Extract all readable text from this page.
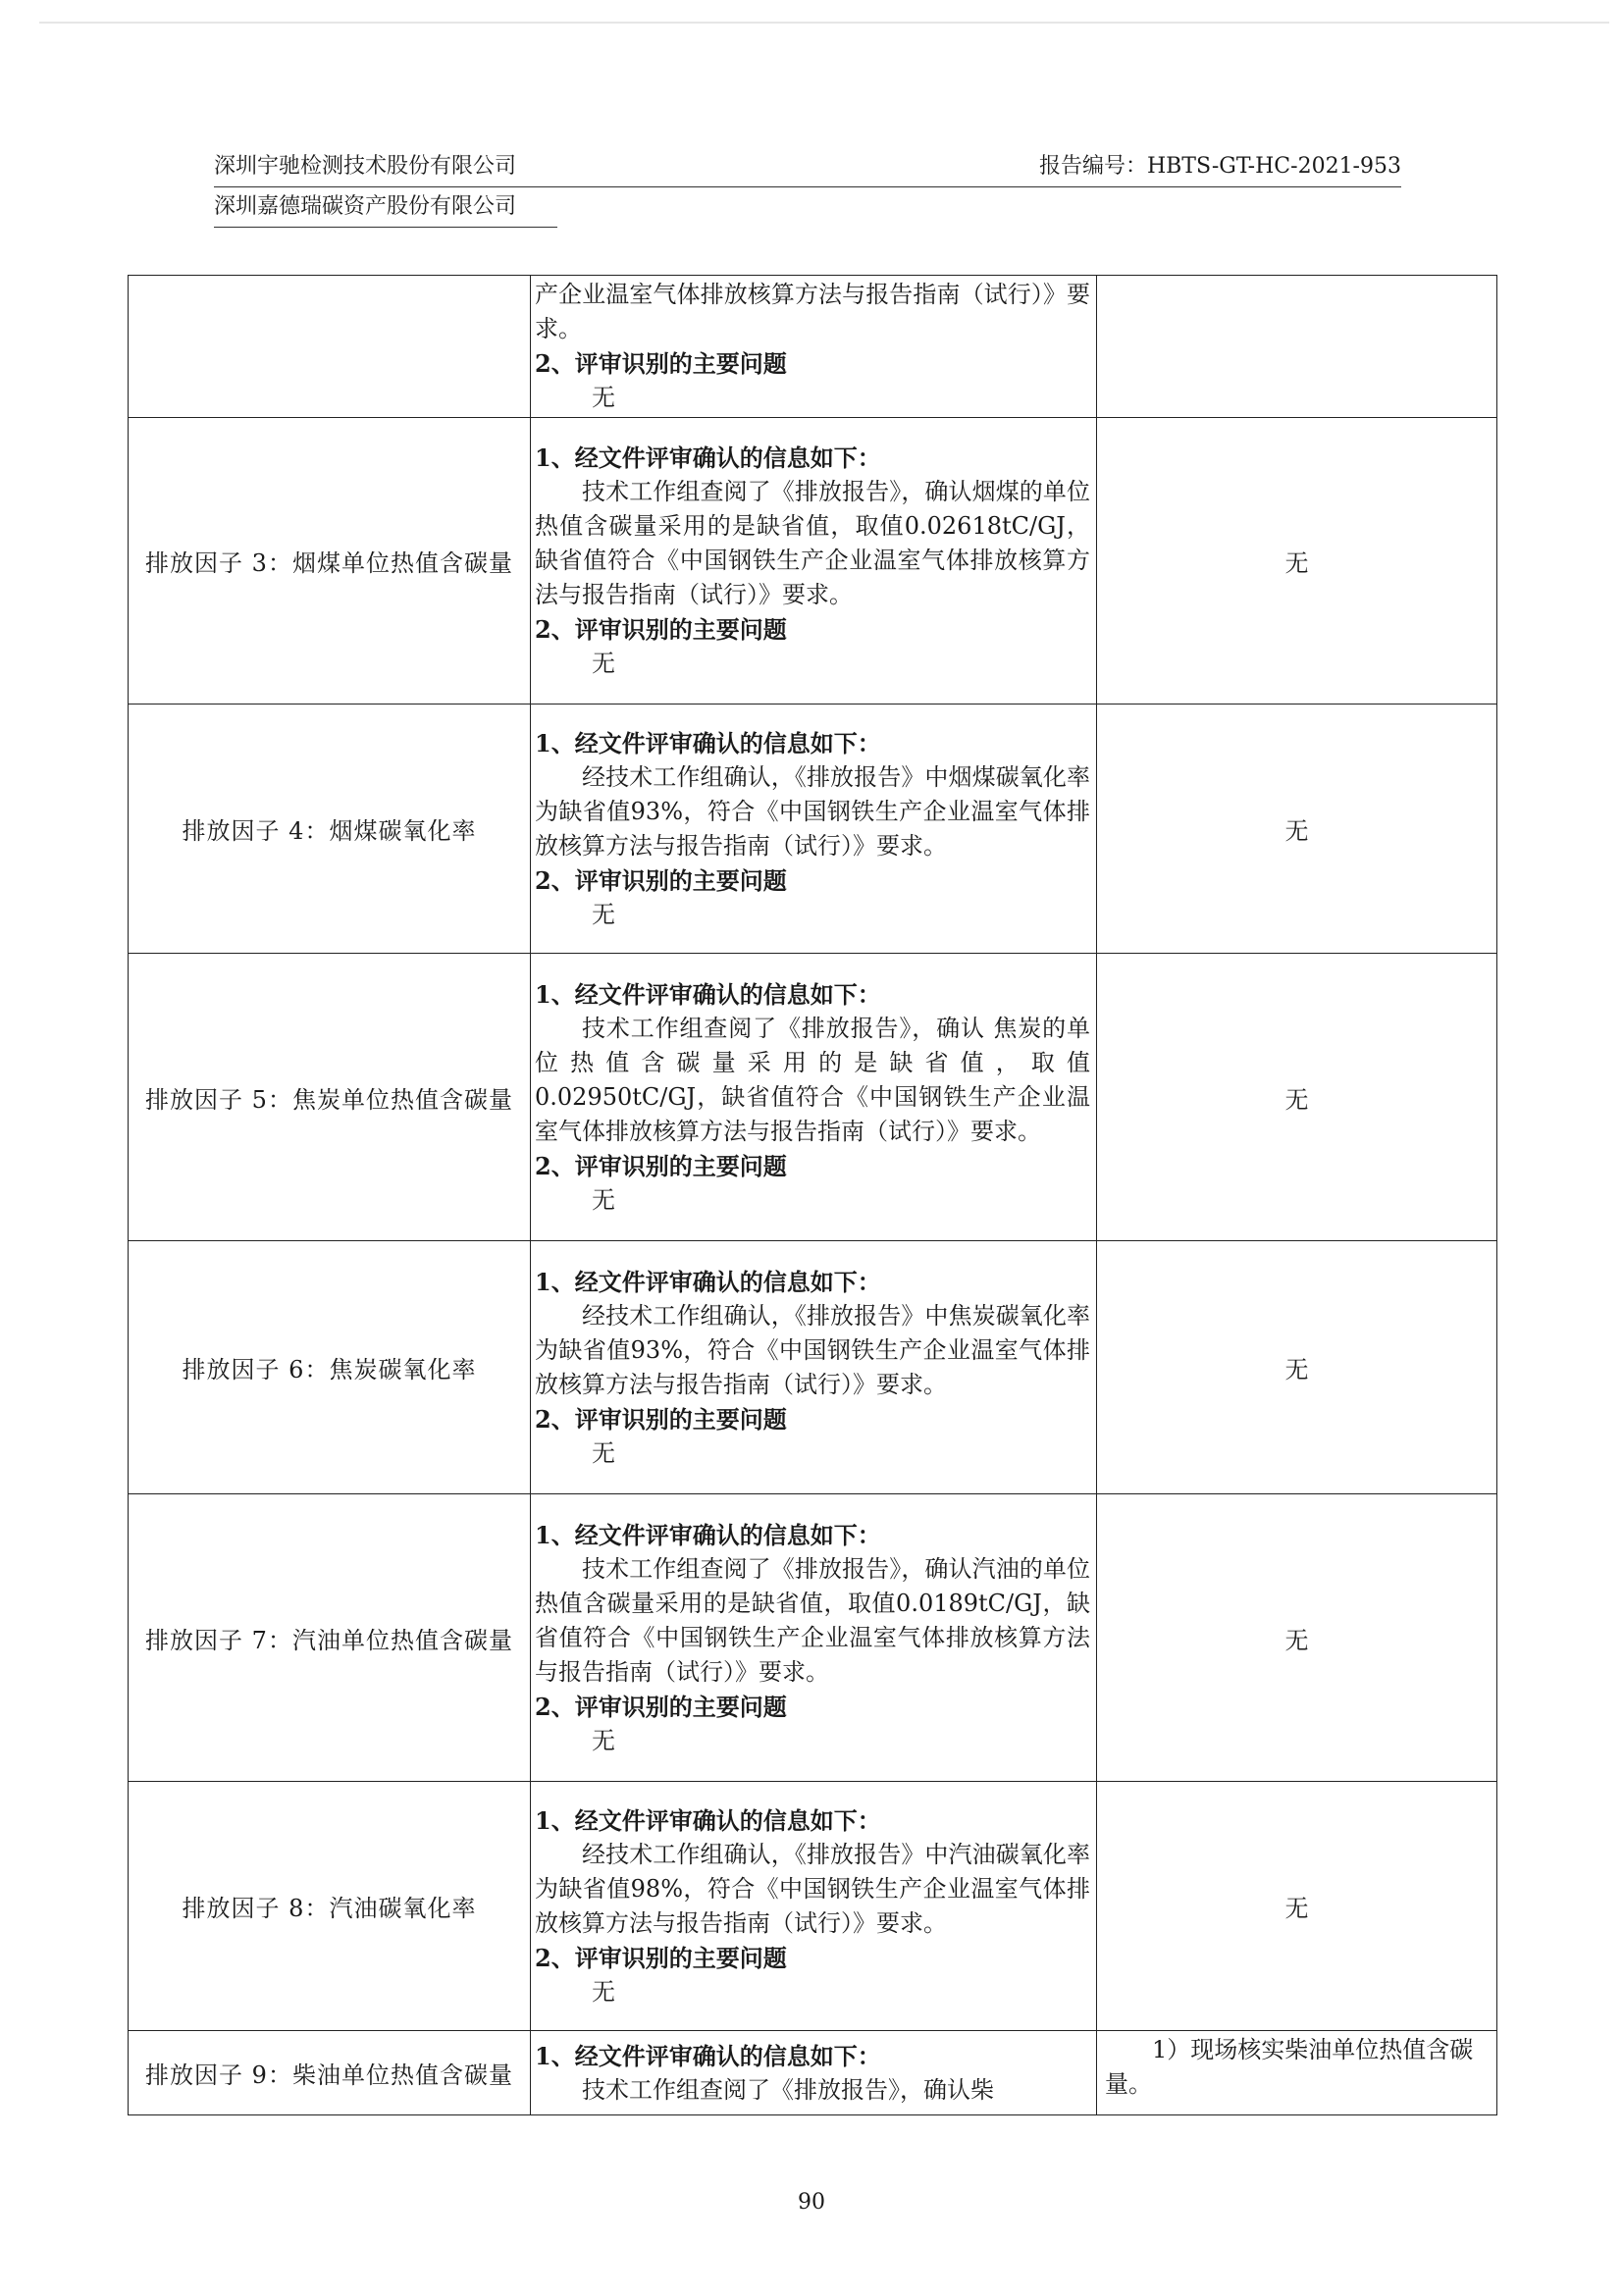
深圳宇驰检测技术股份有限公司	报告编号：HBTS-GT-HC-2021-953
深圳嘉德瑞碳资产股份有限公司

	产企业温室气体排放核算方法与报告指南（试行）》要求。
2、评审识别的主要问题
无	

排放因子 3：烟煤单位热值含碳量	1、经文件评审确认的信息如下：
技术工作组查阅了《排放报告》，确认烟煤的单位热值含碳量采用的是缺省值，取值0.02618tC/GJ，缺省值符合《中国钢铁生产企业温室气体排放核算方法与报告指南（试行）》要求。
2、评审识别的主要问题
无	无
排放因子 4：烟煤碳氧化率	1、经文件评审确认的信息如下：
经技术工作组确认，《排放报告》中烟煤碳氧化率为缺省值93%，符合《中国钢铁生产企业温室气体排放核算方法与报告指南（试行）》要求。
2、评审识别的主要问题
无	无
排放因子 5：焦炭单位热值含碳量	1、经文件评审确认的信息如下：
技术工作组查阅了《排放报告》，确认 焦炭的单位热值含碳量采用的是缺省值，取值0.02950tC/GJ，缺省值符合《中国钢铁生产企业温室气体排放核算方法与报告指南（试行）》要求。
2、评审识别的主要问题
无	无
排放因子 6：焦炭碳氧化率	1、经文件评审确认的信息如下：
经技术工作组确认，《排放报告》中焦炭碳氧化率为缺省值93%，符合《中国钢铁生产企业温室气体排放核算方法与报告指南（试行）》要求。
2、评审识别的主要问题
无	无
排放因子 7：汽油单位热值含碳量	1、经文件评审确认的信息如下：
技术工作组查阅了《排放报告》，确认汽油的单位热值含碳量采用的是缺省值，取值0.0189tC/GJ，缺省值符合《中国钢铁生产企业温室气体排放核算方法与报告指南（试行）》要求。
2、评审识别的主要问题
无	无
排放因子 8：汽油碳氧化率	1、经文件评审确认的信息如下：
经技术工作组确认，《排放报告》中汽油碳氧化率为缺省值98%，符合《中国钢铁生产企业温室气体排放核算方法与报告指南（试行）》要求。
2、评审识别的主要问题
无	无
排放因子 9：柴油单位热值含碳量	1、经文件评审确认的信息如下：
技术工作组查阅了《排放报告》，确认柴	1）现场核实柴油单位热值含碳量。
90
